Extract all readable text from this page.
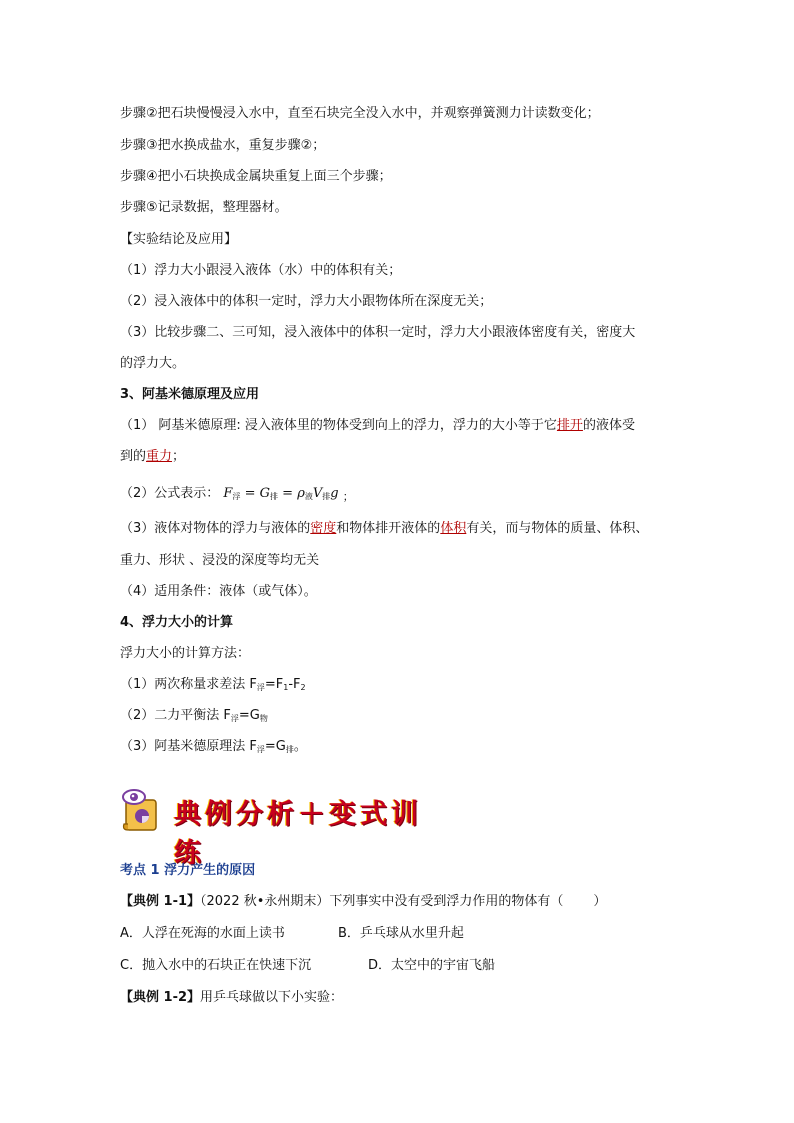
步骤②把石块慢慢浸入水中，直至石块完全没入水中，并观察弹簧测力计读数变化；
步骤③把水换成盐水，重复步骤②；
步骤④把小石块换成金属块重复上面三个步骤；
步骤⑤记录数据，整理器材。
【实验结论及应用】
（1）浮力大小跟浸入液体（水）中的体积有关；
（2）浸入液体中的体积一定时，浮力大小跟物体所在深度无关；
（3）比较步骤二、三可知，浸入液体中的体积一定时，浮力大小跟液体密度有关，密度大
的浮力大。
3、阿基米德原理及应用
（1） 阿基米德原理: 浸入液体里的物体受到向上的浮力，浮力的大小等于它排开的液体受
到的重力；
（2）公式表示： $F_浮 = G_排 = \rho_液V_排g$ $_;$
（3）液体对物体的浮力与液体的密度和物体排开液体的体积有关，而与物体的质量、体积、
重力、形状 、浸没的深度等均无关
（4）适用条件：液体（或气体）。
4、浮力大小的计算
浮力大小的计算方法：
（1）两次称量求差法 $F_浮=F_1-F_2$
（2）二力平衡法 $F_浮=G_物$
（3）阿基米德原理法 $F_浮=G_排$。
典例分析＋变式训练
考点 1 浮力产生的原因
【典例 1-1】（2022 秋•永州期末）下列事实中没有受到浮力作用的物体有（ ）
A．人浮在死海的水面上读书	B．乒乓球从水里升起
C．抛入水中的石块正在快速下沉	D．太空中的宇宙飞船
【典例 1-2】用乒乓球做以下小实验：
